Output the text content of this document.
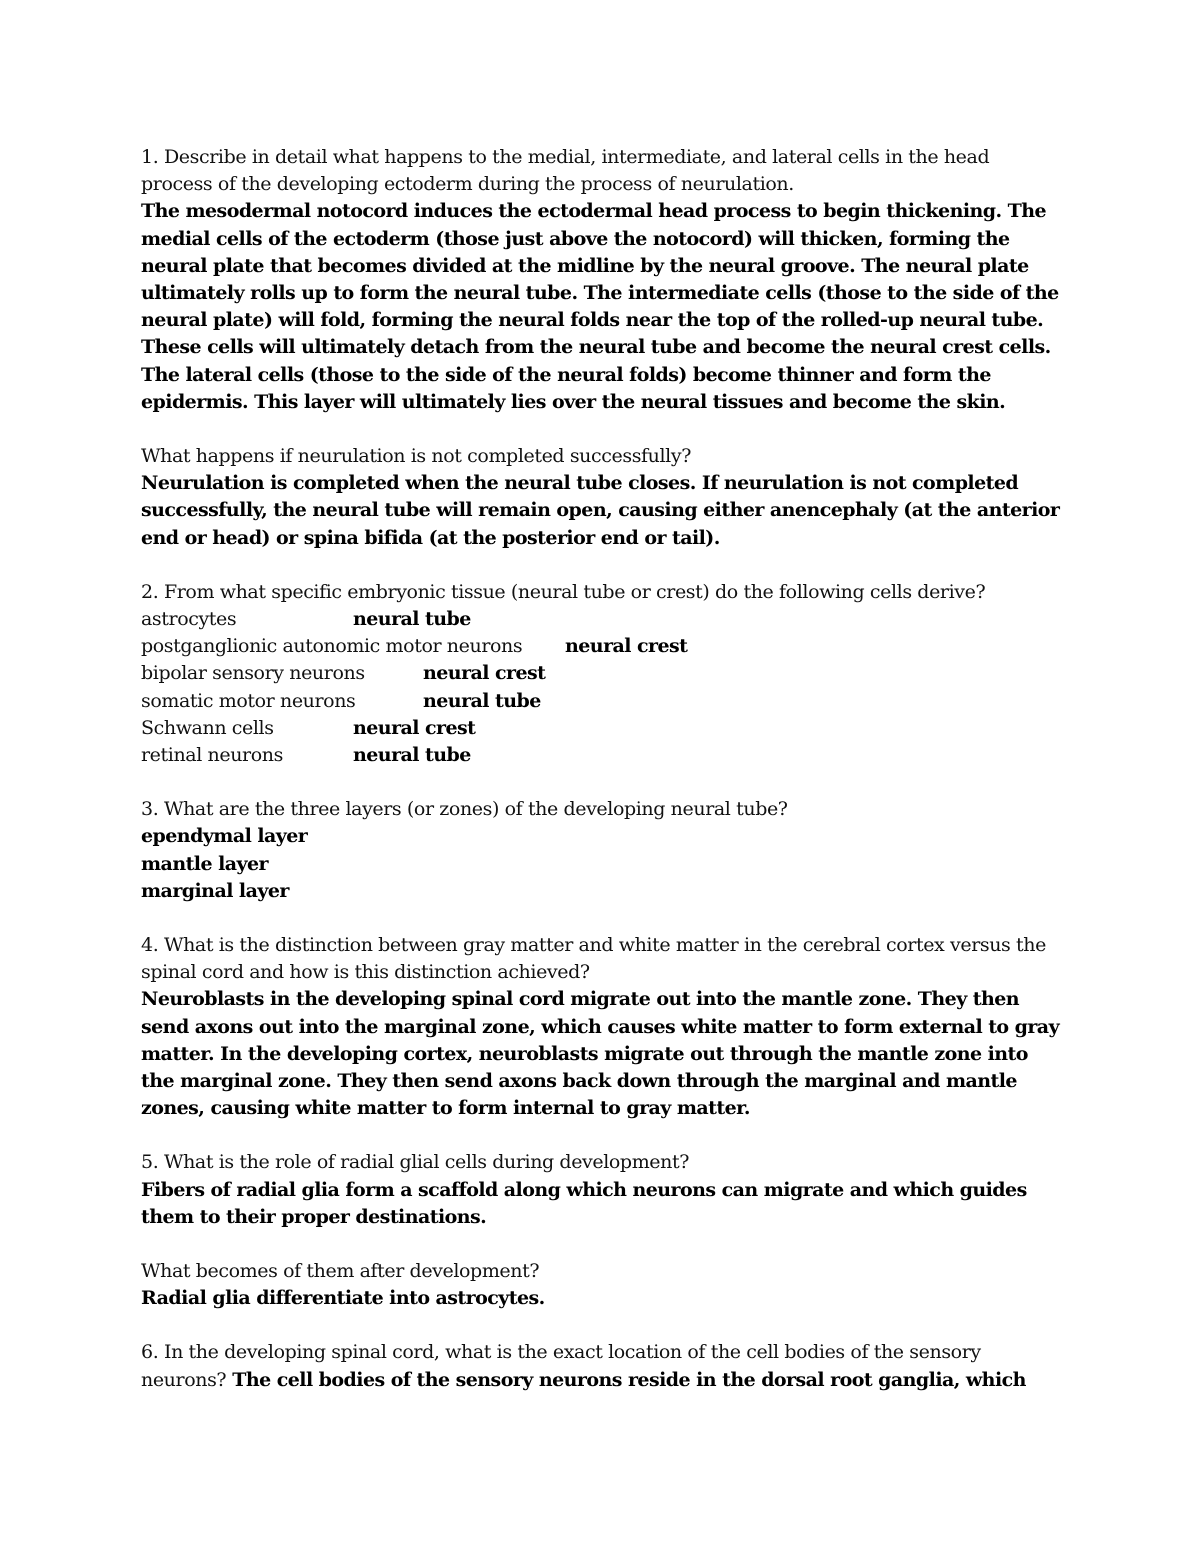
1. Describe in detail what happens to the medial, intermediate, and lateral cells in the head process of the developing ectoderm during the process of neurulation.

The mesodermal notocord induces the ectodermal head process to begin thickening. The medial cells of the ectoderm (those just above the notocord) will thicken, forming the neural plate that becomes divided at the midline by the neural groove. The neural plate ultimately rolls up to form the neural tube. The intermediate cells (those to the side of the neural plate) will fold, forming the neural folds near the top of the rolled-up neural tube. These cells will ultimately detach from the neural tube and become the neural crest cells. The lateral cells (those to the side of the neural folds) become thinner and form the epidermis. This layer will ultimately lies over the neural tissues and become the skin.

What happens if neurulation is not completed successfully?

Neurulation is completed when the neural tube closes. If neurulation is not completed successfully, the neural tube will remain open, causing either anencephaly (at the anterior end or head) or spina bifida (at the posterior end or tail).

2. From what specific embryonic tissue (neural tube or crest) do the following cells derive?

astrocytes	neural tube
postganglionic autonomic motor neurons neural crest
bipolar sensory neurons	neural crest
somatic motor neurons	neural tube
Schwann cells	neural crest
retinal neurons	neural tube

3. What are the three layers (or zones) of the developing neural tube?

ependymal layer
mantle layer
marginal layer

4. What is the distinction between gray matter and white matter in the cerebral cortex versus the spinal cord and how is this distinction achieved?

Neuroblasts in the developing spinal cord migrate out into the mantle zone. They then send axons out into the marginal zone, which causes white matter to form external to gray matter. In the developing cortex, neuroblasts migrate out through the mantle zone into the marginal zone. They then send axons back down through the marginal and mantle zones, causing white matter to form internal to gray matter.

5. What is the role of radial glial cells during development?

Fibers of radial glia form a scaffold along which neurons can migrate and which guides them to their proper destinations.

What becomes of them after development?

Radial glia differentiate into astrocytes.

6. In the developing spinal cord, what is the exact location of the cell bodies of the sensory neurons? The cell bodies of the sensory neurons reside in the dorsal root ganglia, which
